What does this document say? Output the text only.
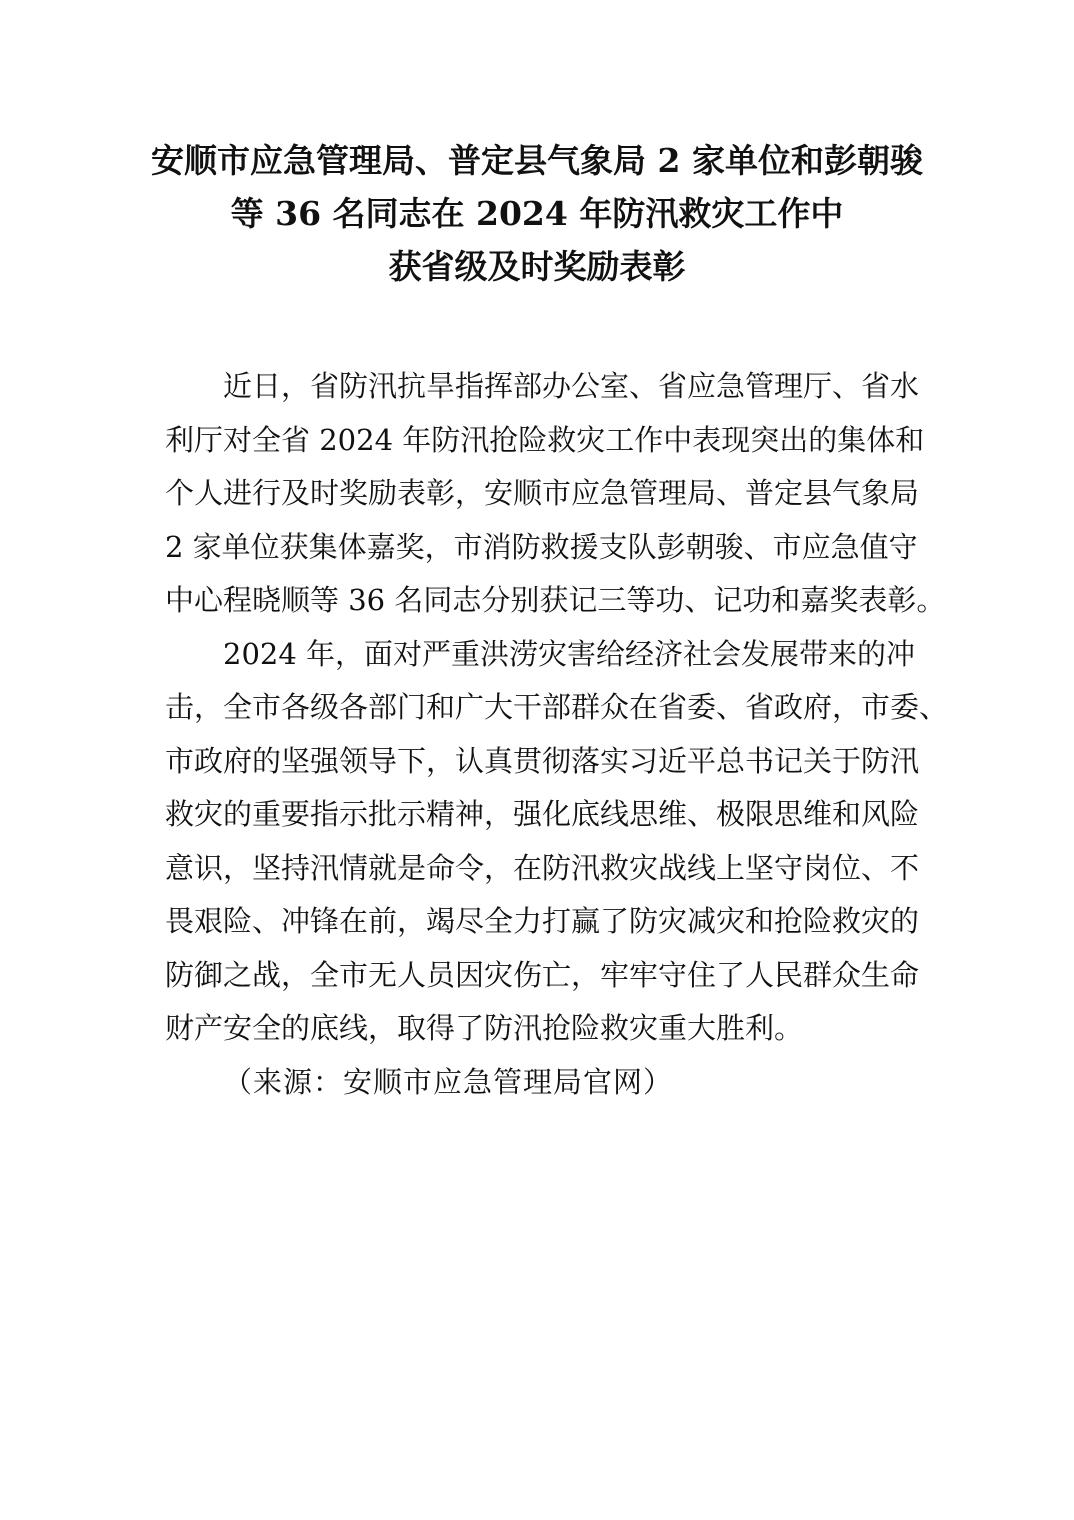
安顺市应急管理局、普定县气象局 2 家单位和彭朝骏
等 36 名同志在 2024 年防汛救灾工作中
获省级及时奖励表彰
近日，省防汛抗旱指挥部办公室、省应急管理厅、省水
利厅对全省 2024 年防汛抢险救灾工作中表现突出的集体和
个人进行及时奖励表彰，安顺市应急管理局、普定县气象局
2 家单位获集体嘉奖，市消防救援支队彭朝骏、市应急值守
中心程晓顺等 36 名同志分别获记三等功、记功和嘉奖表彰。
2024 年，面对严重洪涝灾害给经济社会发展带来的冲
击，全市各级各部门和广大干部群众在省委、省政府，市委、
市政府的坚强领导下，认真贯彻落实习近平总书记关于防汛
救灾的重要指示批示精神，强化底线思维、极限思维和风险
意识，坚持汛情就是命令，在防汛救灾战线上坚守岗位、不
畏艰险、冲锋在前，竭尽全力打赢了防灾减灾和抢险救灾的
防御之战，全市无人员因灾伤亡，牢牢守住了人民群众生命
财产安全的底线，取得了防汛抢险救灾重大胜利。
（来源：安顺市应急管理局官网）
